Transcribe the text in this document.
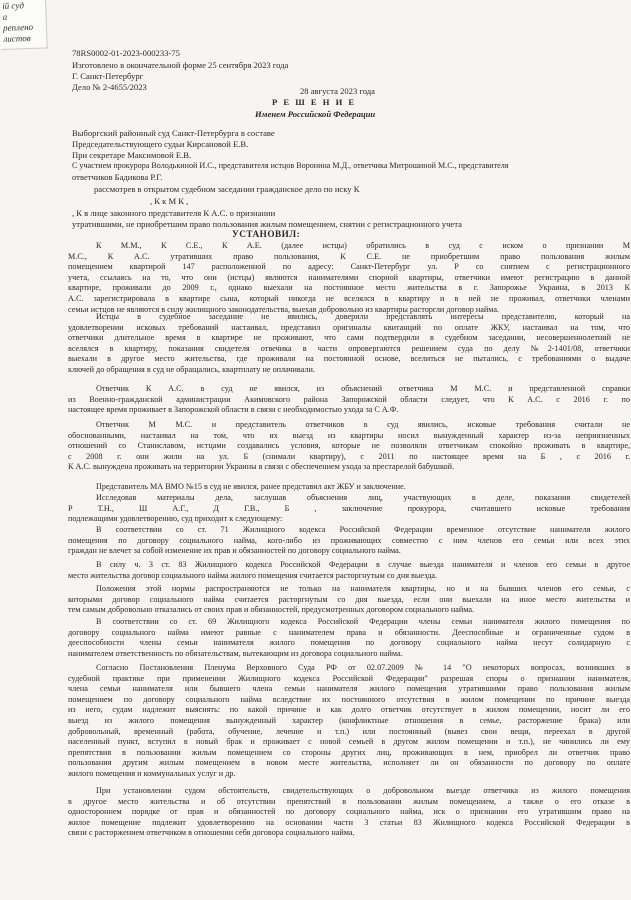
ій суд
а
реплено
листов
78RS0002-01-2023-000233-75
Изготовлено в окончательной форме 25 сентября 2023 года
Г. Санкт-Петербург
Дело № 2-4655/2023	28 августа 2023 года
Р Е Ш Е Н И Е
Именем Российской Федерации
Выборгский районный суд Санкт-Петербурга в составе
Председательствующего судьи Кирсановой Е.В.
При секретаре Максимовой Е.В.
С участием прокурора Володькиной И.С., представителя истцов Воронина М.Д., ответчика Митрошиной М.С., представителя
ответчиков Бадикова Р.Г.
рассмотрев в открытом судебном заседании гражданское дело по иску К
, К к М К ,
, К в лице законного представителя К А.С. о признании
утратившими, не приобретшим право пользования жилым помещением, снятии с регистрационного учета
УСТАНОВИЛ:
К М.М., К С.Е., К А.Е. (далее истцы) обратились в суд с иском о признании М
М.С., К А.С. утративших право пользования, К С.Е. не приобретшим право пользования жилым
помещением квартирой 147 расположенной по адресу: Санкт-Петербург ул. Р со снятием с регистрационного
учета, ссылаясь на то, что они (истцы) являются нанимателями спорной квартиры, ответчики имеют регистрацию в данной
квартире, проживали до 2009 г., однако выехали на постоянное место жительства в г. Запорожье Украина, в 2013 К
А.С. зарегистрировала в квартире сына, который никогда не вселялся в квартиру и в ней не проживал, ответчики членами
семьи истцов не являются в силу жилищного законодательства, выехав добровольно из квартиры расторгли договор найма.
Истцы в судебное заседание не явились, доверили представлять интересы представителю, который на
удовлетворении исковых требований настаивал, представил оригиналы квитанций по оплате ЖКУ, настаивал на том, что
ответчики длительное время в квартире не проживают, что сами подтвердили в судебном заседании, несовершеннолетний не
вселялся в квартиру, показания свидетеля отвечика в части опровергаются решением суда по делу №2-1401/08, ответчики
выехали в другое место жительства, где проживали на постоянной основе, вселиться не пытались, с требованиями о выдаче
ключей до обращения в суд не обращались, квартплату не оплачивали.
Ответчик К А.С. в суд не явился, из объяснений ответчика М М.С. и представленной справки
из Военно-гражданской администрации Акимовского района Запорожской области следует, что К А.С. с 2016 г. по
настоящее время проживает в Запорожской области в связи с необходимостью ухода за С А.Ф.
Ответчик М М.С. и представитель ответчиков в суд явились, исковые требования считали не
обоснованными, настаивал на том, что их выезд из квартиры носил вынужденный характер из-за неприязненных
отношений со Станиславом, истцами создавались условия, которые не позволяли ответчикам спокойно проживать в квартире,
с 2008 г. они жили на ул. Б (снимали квартиру), с 2011 по настоящее время на Б , с 2016 г.
К А.С. вынуждена проживать на территории Украины в связи с обеспечением ухода за престарелой бабушкой.
Представитель МА ВМО №15 в суд не явился, ранее представил акт ЖБУ и заключение.
Исследовав материалы дела, заслушав объяснения лиц, участвующих в деле, показания свидетелей
Р Т.Н., Ш А.Г., Д Г.В., Б , заключение прокурора, считавшего исковые требования
подлежащими удовлетворению, суд приходит к следующему:
В соответствии со ст. 71 Жилищного кодекса Российской Федерации временное отсутствие нанимателя жилого
помещения по договору социального найма, кого-либо из проживающих совместно с ним членов его семьи или всех этих
граждан не влечет за собой изменение их прав и обязанностей по договору социального найма.
В силу ч. 3 ст. 83 Жилищного кодекса Российской Федерации в случае выезда нанимателя и членов его семьи в другое
место жительства договор социального найма жилого помещения считается расторгнутым со дня выезда.
Положения этой нормы распространяются не только на нанимателя квартиры, но и на бывших членов его семьи, с
которыми договор социального найма считается расторгнутым со дня выезда, если они выехали на иное место жительства и
тем самым добровольно отказались от своих прав и обязанностей, предусмотренных договором социального найма.
В соответствии со ст. 69 Жилищного кодекса Российской Федерации члены семьи нанимателя жилого помещения по
договору социального найма имеют равные с нанимателем права и обязанности. Дееспособные и ограниченные судом в
дееспособности члены семьи нанимателя жилого помещения по договору социального найма несут солидарную с
нанимателем ответственность по обязательствам, вытекающим из договора социального найма.
Согласно Постановления Пленума Верховного Суда РФ от 02.07.2009 № 14 "О некоторых вопросах, возникших в
судебной практике при применении Жилищного кодекса Российской Федерации" разрешая споры о признании нанимателя,
члена семьи нанимателя или бывшего члена семьи нанимателя жилого помещения утратившими право пользования жилым
помещением по договору социального найма вследствие их постоянного отсутствия в жилом помещении по причине выезда
из него, судам надлежит выяснять: по какой причине и как долго ответчик отсутствует в жилом помещении, носит ли его
выезд из жилого помещения вынужденный характер (конфликтные отношения в семье, расторжение брака) или
добровольный, временный (работа, обучение, лечение и т.п.) или постоянный (вывез свои вещи, переехал в другой
населенный пункт, вступил в новый брак и проживает с новой семьей в другом жилом помещении и т.п.), не чинились ли ему
препятствия в пользовании жилым помещением со стороны других лиц, проживающих в нем, приобрел ли ответчик право
пользования другим жилым помещением в новом месте жительства, исполняет ли он обязанности по договору по оплате
жилого помещения и коммунальных услуг и др.
При установлении судом обстоятельств, свидетельствующих о добровольном выезде ответчика из жилого помещения
в другое место жительства и об отсутствии препятствий в пользовании жилым помещением, а также о его отказе в
одностороннем порядке от прав и обязанностей по договору социального найма, иск о признании его утратившим право на
жилое помещение подлежит удовлетворению на основании части 3 статьи 83 Жилищного кодекса Российской Федерации в
связи с расторжением ответчиком в отношении себя договора социального найма.
